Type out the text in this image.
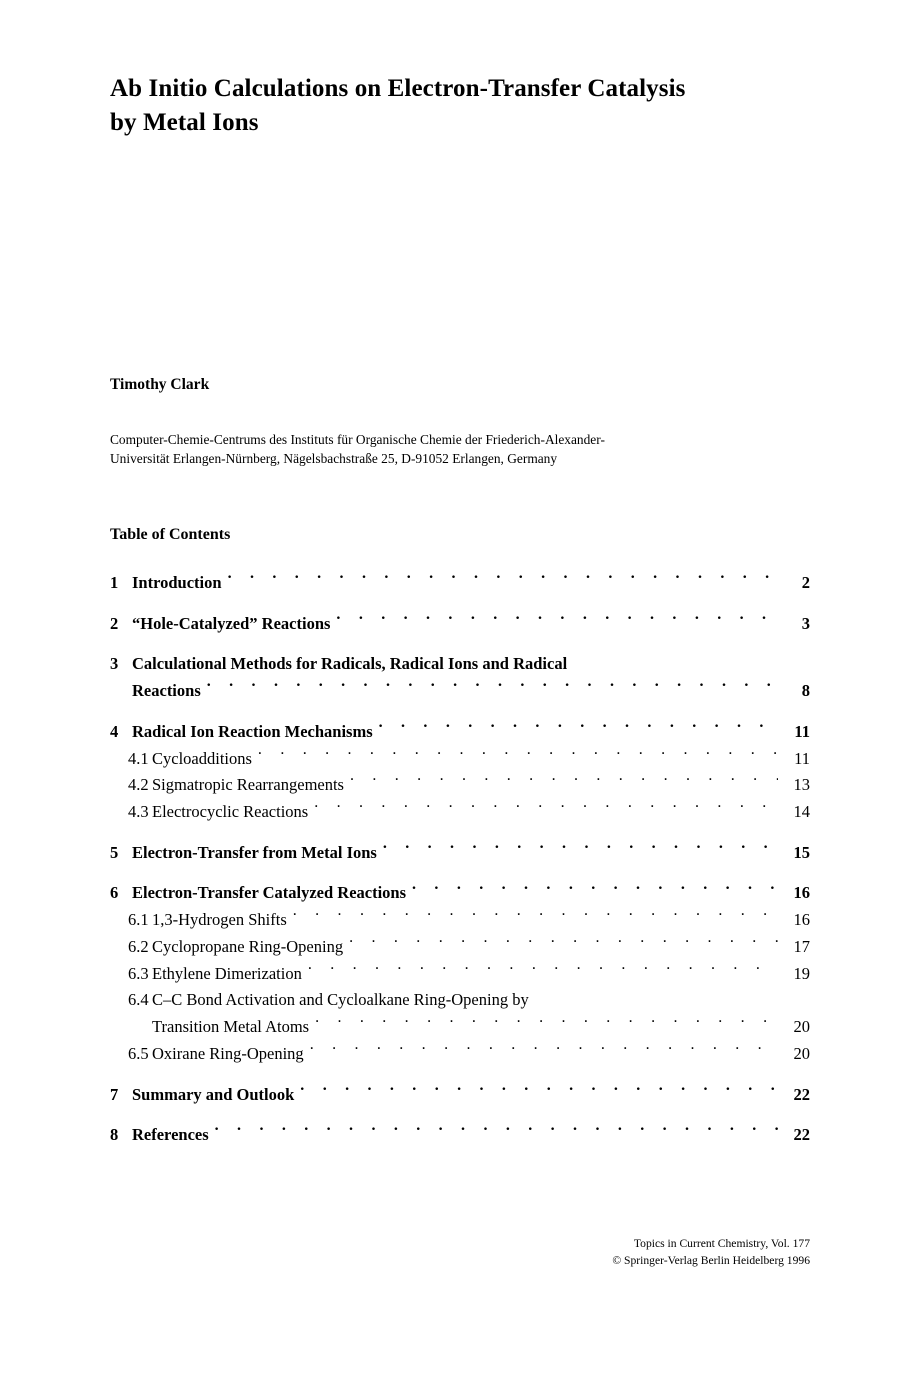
Ab Initio Calculations on Electron-Transfer Catalysis
by Metal Ions
Timothy Clark
Computer-Chemie-Centrums des Instituts für Organische Chemie der Friederich-Alexander-
Universität Erlangen-Nürnberg, Nägelsbachstraße 25, D-91052 Erlangen, Germany
Table of Contents
1 Introduction . . .	2
2 “Hole-Catalyzed” Reactions . . .	3
3 Calculational Methods for Radicals, Radical Ions and Radical
Reactions . . .	8
4 Radical Ion Reaction Mechanisms . . .	11
4.1 Cycloadditions . . .	11
4.2 Sigmatropic Rearrangements . . .	13
4.3 Electrocyclic Reactions . . .	14
5 Electron-Transfer from Metal Ions . . .	15
6 Electron-Transfer Catalyzed Reactions . . .	16
6.1 1,3-Hydrogen Shifts . . .	16
6.2 Cyclopropane Ring-Opening . . .	17
6.3 Ethylene Dimerization . . .	19
6.4 C–C Bond Activation and Cycloalkane Ring-Opening by
Transition Metal Atoms . . .	20
6.5 Oxirane Ring-Opening . . .	20
7 Summary and Outlook . . .	22
8 References . . .	22
Topics in Current Chemistry, Vol. 177
© Springer-Verlag Berlin Heidelberg 1996
